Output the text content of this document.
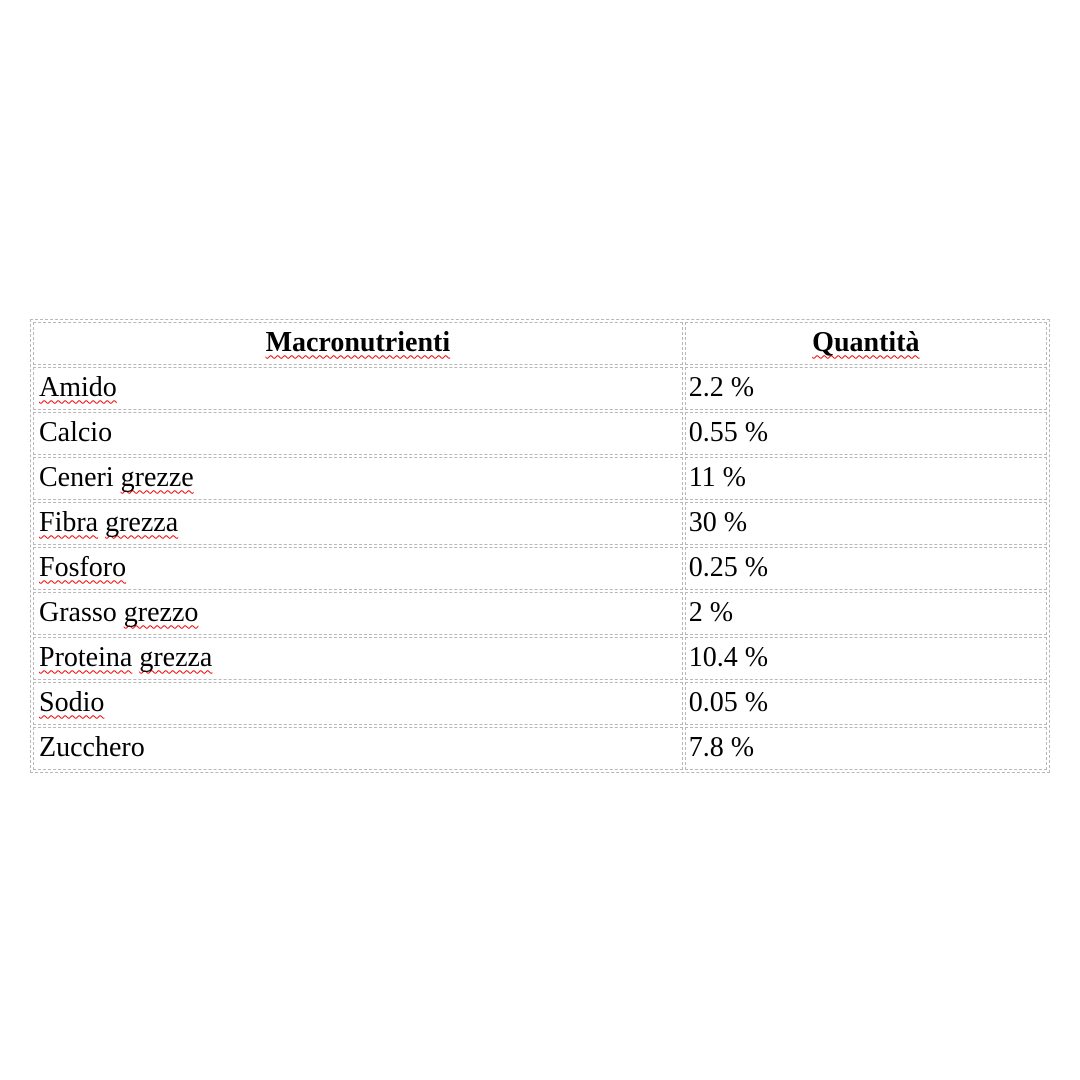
Macronutrienti	Quantità
Amido	2.2 %
Calcio	0.55 %
Ceneri grezze	11 %
Fibra grezza	30 %
Fosforo	0.25 %
Grasso grezzo	2 %
Proteina grezza	10.4 %
Sodio	0.05 %
Zucchero	7.8 %
